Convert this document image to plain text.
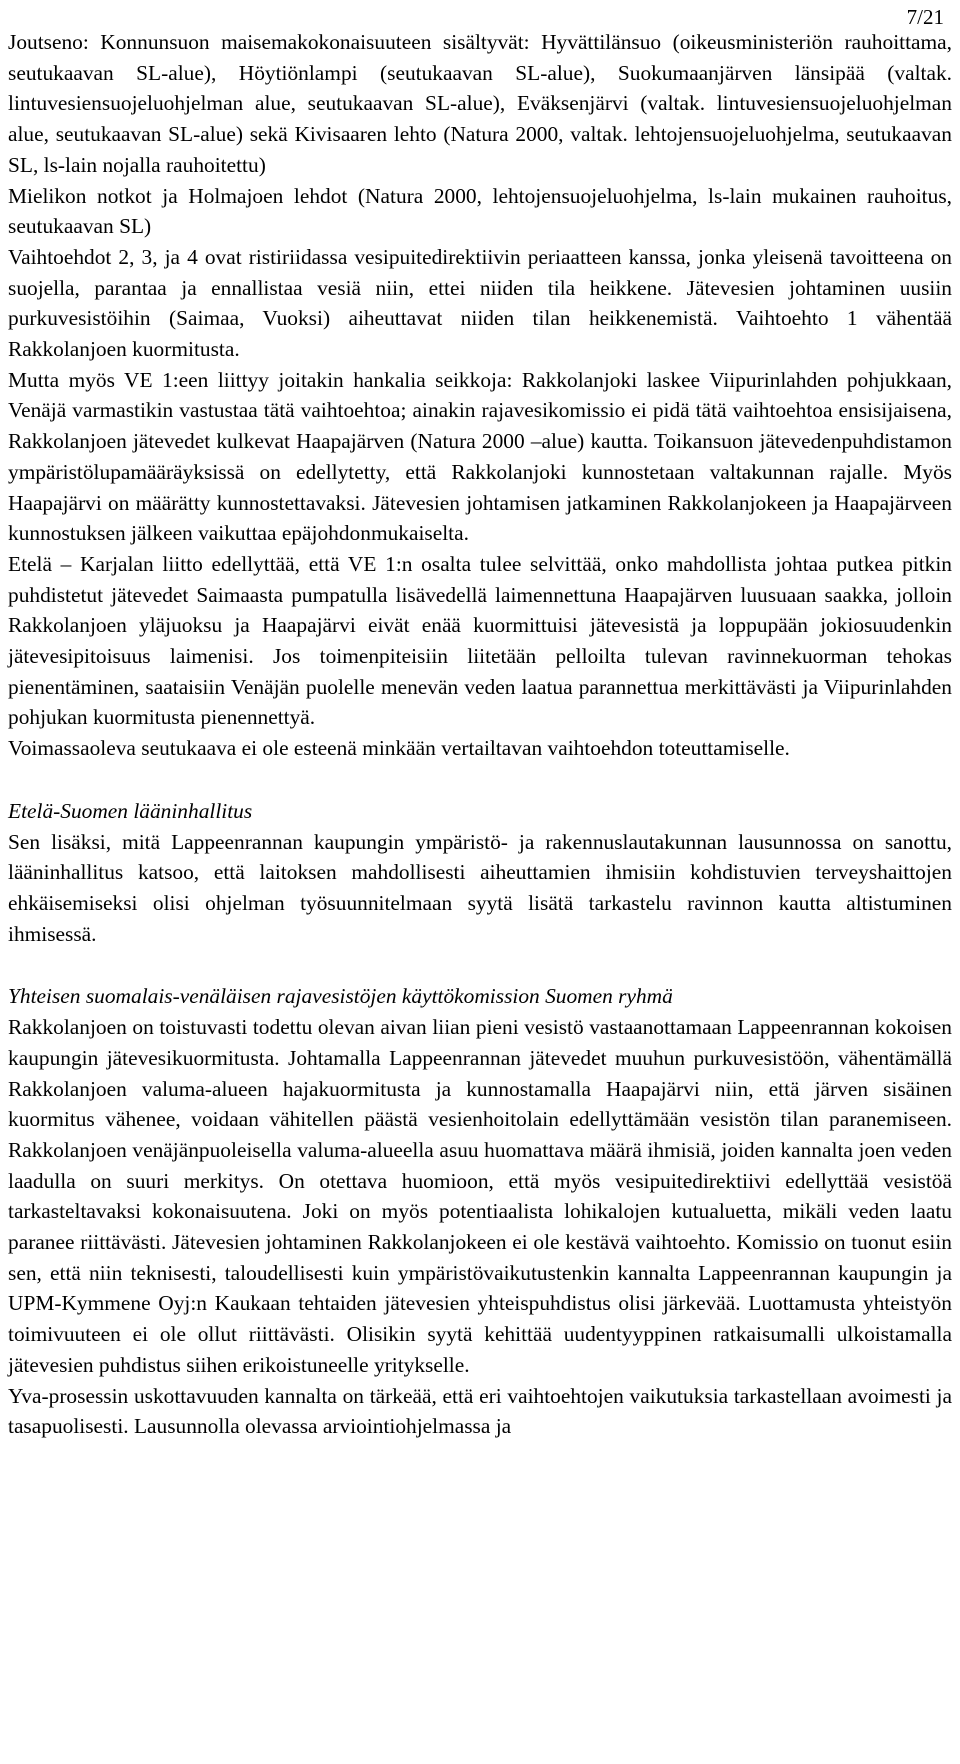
7/21

Joutseno: Konnunsuon maisemakokonaisuuteen sisältyvät: Hyvättilänsuo (oikeusministeriön rauhoittama, seutukaavan SL-alue), Höytiönlampi (seutukaavan SL-alue), Suokumaanjärven länsipää (valtak. lintuvesiensuojeluohjelman alue, seutukaavan SL-alue), Eväksenjärvi (valtak. lintuvesiensuojeluohjelman alue, seutukaavan SL-alue) sekä Kivisaaren lehto (Natura 2000, valtak. lehtojensuojeluohjelma, seutukaavan SL, ls-lain nojalla rauhoitettu)

Mielikon notkot ja Holmajoen lehdot (Natura 2000, lehtojensuojeluohjelma, ls-lain mukainen rauhoitus, seutukaavan SL)

Vaihtoehdot 2, 3, ja 4 ovat ristiriidassa vesipuitedirektiivin periaatteen kanssa, jonka yleisenä tavoitteena on suojella, parantaa ja ennallistaa vesiä niin, ettei niiden tila heikkene. Jätevesien johtaminen uusiin purkuvesistöihin (Saimaa, Vuoksi) aiheuttavat niiden tilan heikkenemistä. Vaihtoehto 1 vähentää Rakkolanjoen kuormitusta.

Mutta myös VE 1:een liittyy joitakin hankalia seikkoja: Rakkolanjoki laskee Viipurinlahden pohjukkaan, Venäjä varmastikin vastustaa tätä vaihtoehtoa; ainakin rajavesikomissio ei pidä tätä vaihtoehtoa ensisijaisena, Rakkolanjoen jätevedet kulkevat Haapajärven (Natura 2000 –alue) kautta. Toikansuon jätevedenpuhdistamon ympäristölupamääräyksissä on edellytetty, että Rakkolanjoki kunnostetaan valtakunnan rajalle. Myös Haapajärvi on määrätty kunnostettavaksi. Jätevesien johtamisen jatkaminen Rakkolanjokeen ja Haapajärveen kunnostuksen jälkeen vaikuttaa epäjohdonmukaiselta.

Etelä – Karjalan liitto edellyttää, että VE 1:n osalta tulee selvittää, onko mahdollista johtaa putkea pitkin puhdistetut jätevedet Saimaasta pumpatulla lisävedellä laimennettuna Haapajärven luusuaan saakka, jolloin Rakkolanjoen yläjuoksu ja Haapajärvi eivät enää kuormittuisi jätevesistä ja loppupään jokiosuudenkin jätevesipitoisuus laimenisi. Jos toimenpiteisiin liitetään pelloilta tulevan ravinnekuorman tehokas pienentäminen, saataisiin Venäjän puolelle menevän veden laatua parannettua merkittävästi ja Viipurinlahden pohjukan kuormitusta pienennettyä.

Voimassaoleva seutukaava ei ole esteenä minkään vertailtavan vaihtoehdon toteuttamiselle.

Etelä-Suomen lääninhallitus

Sen lisäksi, mitä Lappeenrannan kaupungin ympäristö- ja rakennuslautakunnan lausunnossa on sanottu, lääninhallitus katsoo, että laitoksen mahdollisesti aiheuttamien ihmisiin kohdistuvien terveyshaittojen ehkäisemiseksi olisi ohjelman työsuunnitelmaan syytä lisätä tarkastelu ravinnon kautta altistuminen ihmisessä.

Yhteisen suomalais-venäläisen rajavesistöjen käyttökomission Suomen ryhmä

Rakkolanjoen on toistuvasti todettu olevan aivan liian pieni vesistö vastaanottamaan Lappeenrannan kokoisen kaupungin jätevesikuormitusta. Johtamalla Lappeenrannan jätevedet muuhun purkuvesistöön, vähentämällä Rakkolanjoen valuma-alueen hajakuormitusta ja kunnostamalla Haapajärvi niin, että järven sisäinen kuormitus vähenee, voidaan vähitellen päästä vesienhoitolain edellyttämään vesistön tilan paranemiseen. Rakkolanjoen venäjänpuoleisella valuma-alueella asuu huomattava määrä ihmisiä, joiden kannalta joen veden laadulla on suuri merkitys. On otettava huomioon, että myös vesipuitedirektiivi edellyttää vesistöä tarkasteltavaksi kokonaisuutena. Joki on myös potentiaalista lohikalojen kutualuetta, mikäli veden laatu paranee riittävästi. Jätevesien johtaminen Rakkolanjokeen ei ole kestävä vaihtoehto. Komissio on tuonut esiin sen, että niin teknisesti, taloudellisesti kuin ympäristövaikutustenkin kannalta Lappeenrannan kaupungin ja UPM-Kymmene Oyj:n Kaukaan tehtaiden jätevesien yhteispuhdistus olisi järkevää. Luottamusta yhteistyön toimivuuteen ei ole ollut riittävästi. Olisikin syytä kehittää uudentyyppinen ratkaisumalli ulkoistamalla jätevesien puhdistus siihen erikoistuneelle yritykselle.

Yva-prosessin uskottavuuden kannalta on tärkeää, että eri vaihtoehtojen vaikutuksia tarkastellaan avoimesti ja tasapuolisesti. Lausunnolla olevassa arviointiohjelmassa ja
